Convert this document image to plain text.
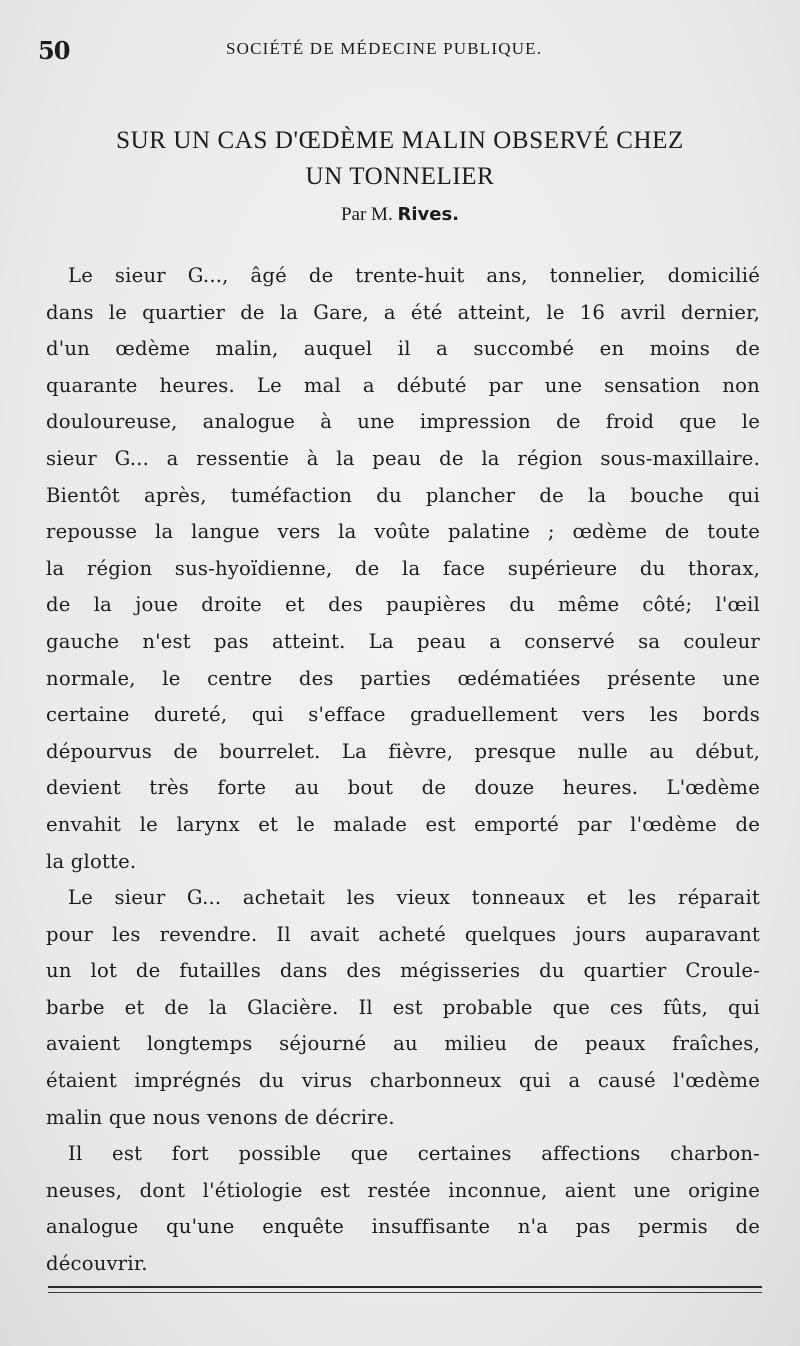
50	SOCIÉTÉ DE MÉDECINE PUBLIQUE.
SUR UN CAS D'ŒDÈME MALIN OBSERVÉ CHEZ
UN TONNELIER
Par M. Rives.
Le sieur G..., âgé de trente-huit ans, tonnelier, domicilié
dans le quartier de la Gare, a été atteint, le 16 avril dernier,
d'un œdème malin, auquel il a succombé en moins de
quarante heures. Le mal a débuté par une sensation non
douloureuse, analogue à une impression de froid que le
sieur G... a ressentie à la peau de la région sous-maxillaire.
Bientôt après, tuméfaction du plancher de la bouche qui
repousse la langue vers la voûte palatine ; œdème de toute
la région sus-hyoïdienne, de la face supérieure du thorax,
de la joue droite et des paupières du même côté; l'œil
gauche n'est pas atteint. La peau a conservé sa couleur
normale, le centre des parties œdématiées présente une
certaine dureté, qui s'efface graduellement vers les bords
dépourvus de bourrelet. La fièvre, presque nulle au début,
devient très forte au bout de douze heures. L'œdème
envahit le larynx et le malade est emporté par l'œdème de
la glotte.
Le sieur G... achetait les vieux tonneaux et les réparait
pour les revendre. Il avait acheté quelques jours auparavant
un lot de futailles dans des mégisseries du quartier Croule-
barbe et de la Glacière. Il est probable que ces fûts, qui
avaient longtemps séjourné au milieu de peaux fraîches,
étaient imprégnés du virus charbonneux qui a causé l'œdème
malin que nous venons de décrire.
Il est fort possible que certaines affections charbon-
neuses, dont l'étiologie est restée inconnue, aient une origine
analogue qu'une enquête insuffisante n'a pas permis de
découvrir.
